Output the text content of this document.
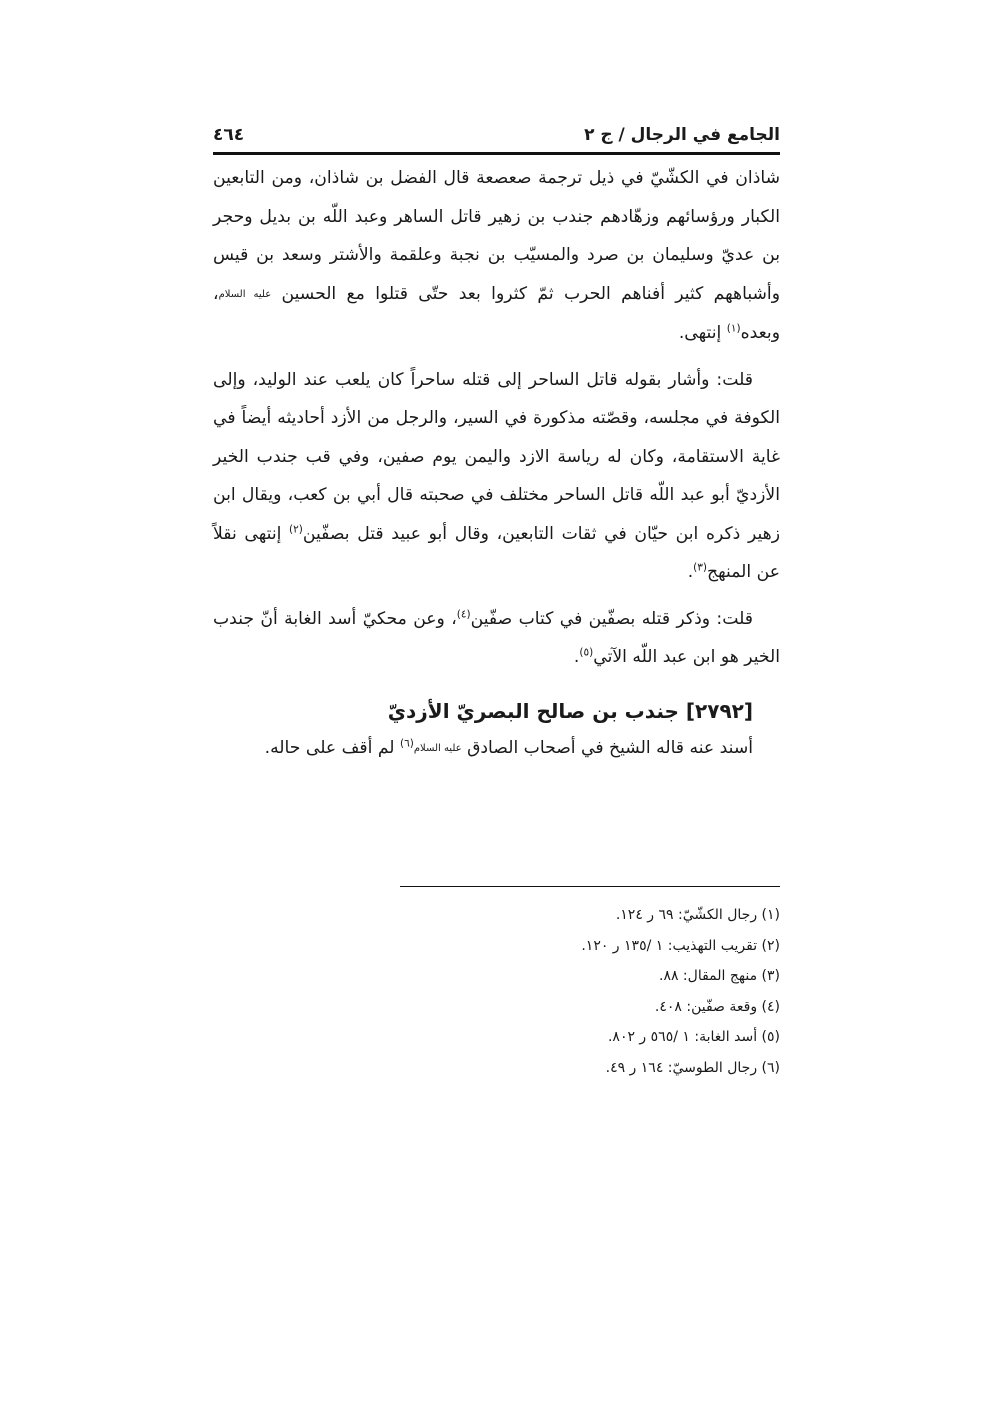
الجامع في الرجال / ج ٢
٤٦٤

شاذان في الكشّيّ في ذيل ترجمة صعصعة قال الفضل بن شاذان، ومن التابعين الكبار ورؤسائهم وزهّادهم جندب بن زهير قاتل الساهر وعبد اللّه بن بديل وحجر بن عديّ وسليمان بن صرد والمسيّب بن نجبة وعلقمة والأشتر وسعد بن قيس وأشباههم كثير أفناهم الحرب ثمّ كثروا بعد حتّى قتلوا مع الحسين عليه السلام، وبعده$^{(١)}$ إنتهى.

قلت: وأشار بقوله قاتل الساحر إلى قتله ساحراً كان يلعب عند الوليد، وإلى الكوفة في مجلسه، وقصّته مذكورة في السير، والرجل من الأزد أحاديثه أيضاً في غاية الاستقامة، وكان له رياسة الازد واليمن يوم صفين، وفي قب جندب الخير الأزديّ أبو عبد اللّه قاتل الساحر مختلف في صحبته قال أبي بن كعب، ويقال ابن زهير ذكره ابن حيّان في ثقات التابعين، وقال أبو عبيد قتل بصفّين$^{(٢)}$ إنتهى نقلاً عن المنهج$^{(٣)}$.

قلت: وذكر قتله بصفّين في كتاب صفّين$^{(٤)}$، وعن محكيّ أسد الغابة أنّ جندب الخير هو ابن عبد اللّه الآتي$^{(٥)}$.

[٢٧٩٢] جندب بن صالح البصريّ الأزديّ
أسند عنه قاله الشيخ في أصحاب الصادق عليه السلام$^{(٦)}$ لم أقف على حاله.
(١) رجال الكشّيّ: ٦٩ ر ١٢٤.
(٢) تقريب التهذيب: ١ /١٣٥ ر ١٢٠.
(٣) منهج المقال: ٨٨.
(٤) وقعة صفّين: ٤٠٨.
(٥) أسد الغابة: ١ /٥٦٥ ر ٨٠٢.
(٦) رجال الطوسيّ: ١٦٤ ر ٤٩.
